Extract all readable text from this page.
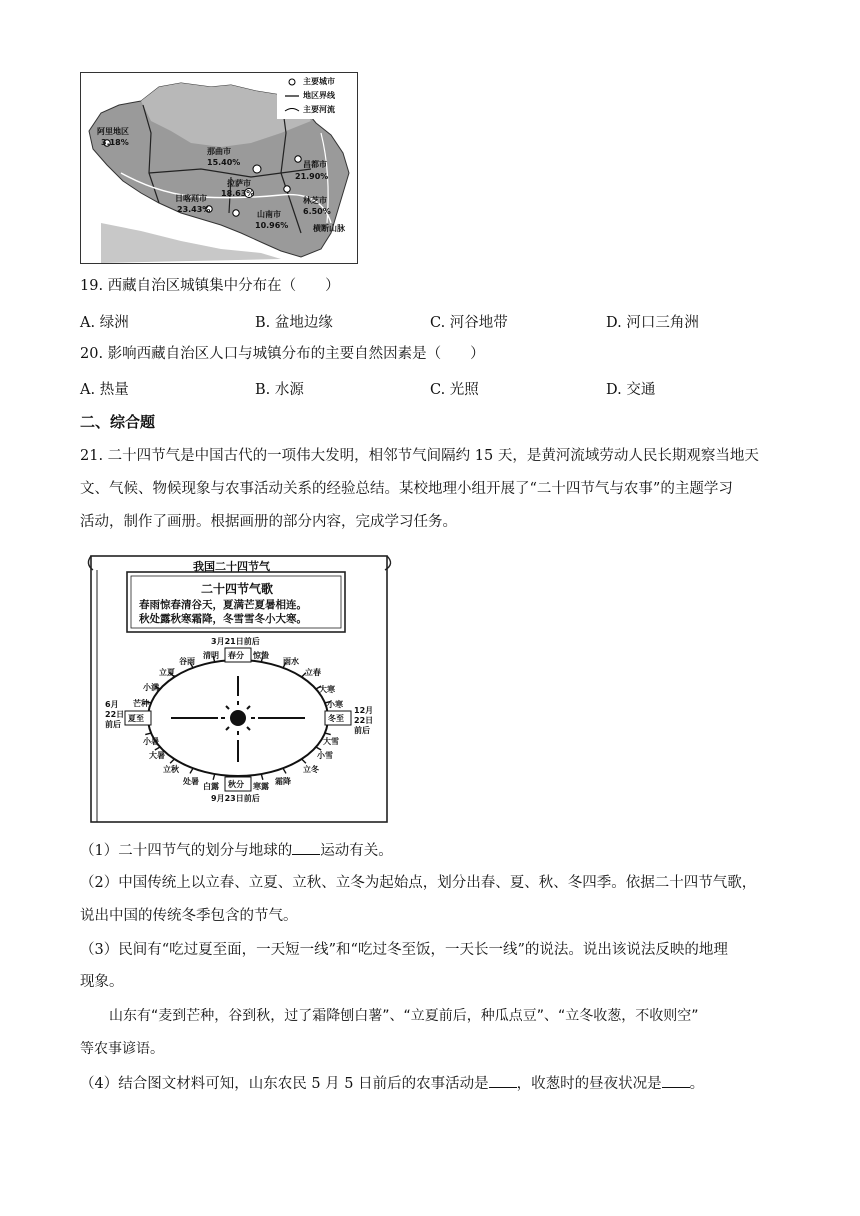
主要城市
地区界线
主要河流
阿里地区
3.18%
那曲市
15.40%	昌都市
21.90%
拉萨市
18.63%
日喀则市
23.43%
山南市
10.96%
林芝市
6.50%
横断山脉
19. 西藏自治区城镇集中分布在（　　）
A. 绿洲	B. 盆地边缘	C. 河谷地带	D. 河口三角洲
20. 影响西藏自治区人口与城镇分布的主要自然因素是（　　）
A. 热量	B. 水源	C. 光照	D. 交通
二、综合题
21. 二十四节气是中国古代的一项伟大发明，相邻节气间隔约 15 天，是黄河流域劳动人民长期观察当地天
文、气候、物候现象与农事活动关系的经验总结。某校地理小组开展了“二十四节气与农事”的主题学习
活动，制作了画册。根据画册的部分内容，完成学习任务。
我国二十四节气
二十四节气歌
春雨惊春清谷天，夏满芒夏暑相连。
秋处露秋寒霜降，冬雪雪冬小大寒。
3月21日前后
9月23日前后
6月
22日
前后
12月
22日
前后
春分
秋分
夏至	冬至
谷雨
清明	惊蛰
雨水
立夏
小满
芒种
立春
大寒
小寒
小暑
大暑
立秋
大雪
小雪
立冬
处暑
白露	寒露
霜降
（1）二十四节气的划分与地球的 运动有关。
（2）中国传统上以立春、立夏、立秋、立冬为起始点，划分出春、夏、秋、冬四季。依据二十四节气歌，
说出中国的传统冬季包含的节气。
（3）民间有“吃过夏至面，一天短一线”和“吃过冬至饭，一天长一线”的说法。说出该说法反映的地理
现象。
山东有“麦到芒种，谷到秋，过了霜降刨白薯”、“立夏前后，种瓜点豆”、“立冬收葱，不收则空”
等农事谚语。
（4）结合图文材料可知，山东农民 5 月 5 日前后的农事活动是 ，收葱时的昼夜状况是 。
